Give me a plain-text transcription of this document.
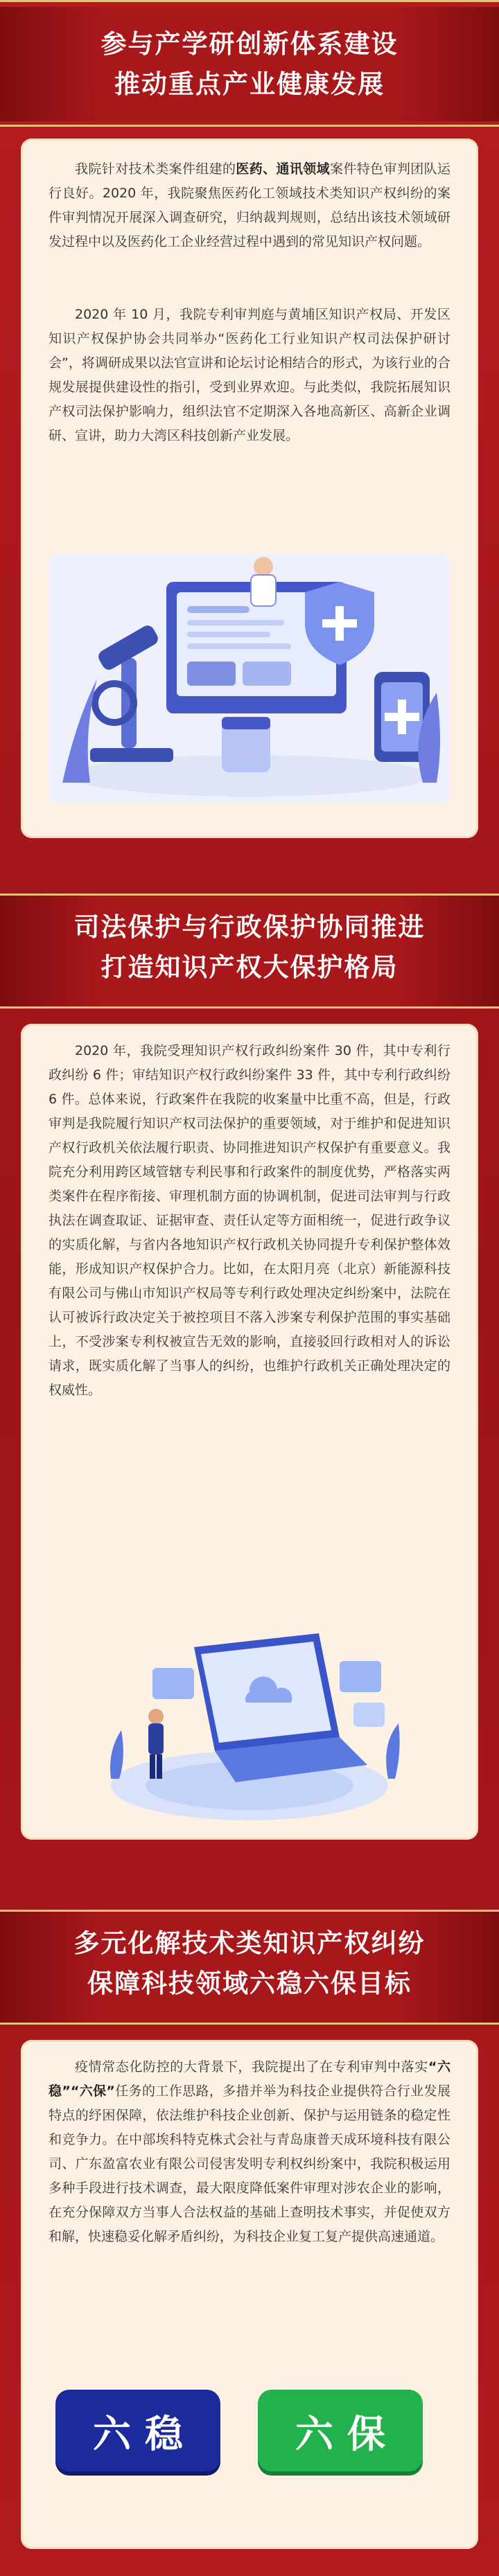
参与产学研创新体系建设
推动重点产业健康发展

我院针对技术类案件组建的医药、通讯领域案件特色审判团队运行良好。2020 年，我院聚焦医药化工领域技术类知识产权纠纷的案件审判情况开展深入调查研究，归纳裁判规则，总结出该技术领域研发过程中以及医药化工企业经营过程中遇到的常见知识产权问题。

2020 年 10 月，我院专利审判庭与黄埔区知识产权局、开发区知识产权保护协会共同举办“医药化工行业知识产权司法保护研讨会”，将调研成果以法官宣讲和论坛讨论相结合的形式，为该行业的合规发展提供建设性的指引，受到业界欢迎。与此类似，我院拓展知识产权司法保护影响力，组织法官不定期深入各地高新区、高新企业调研、宣讲，助力大湾区科技创新产业发展。

司法保护与行政保护协同推进
打造知识产权大保护格局

2020 年，我院受理知识产权行政纠纷案件 30 件，其中专利行政纠纷 6 件；审结知识产权行政纠纷案件 33 件，其中专利行政纠纷 6 件。总体来说，行政案件在我院的收案量中比重不高，但是，行政审判是我院履行知识产权司法保护的重要领域，对于维护和促进知识产权行政机关依法履行职责、协同推进知识产权保护有重要意义。我院充分利用跨区域管辖专利民事和行政案件的制度优势，严格落实两类案件在程序衔接、审理机制方面的协调机制，促进司法审判与行政执法在调查取证、证据审查、责任认定等方面相统一，促进行政争议的实质化解，与省内各地知识产权行政机关协同提升专利保护整体效能，形成知识产权保护合力。比如，在太阳月亮（北京）新能源科技有限公司与佛山市知识产权局等专利行政处理决定纠纷案中，法院在认可被诉行政决定关于被控项目不落入涉案专利保护范围的事实基础上，不受涉案专利权被宣告无效的影响，直接驳回行政相对人的诉讼请求，既实质化解了当事人的纠纷，也维护行政机关正确处理决定的权威性。

多元化解技术类知识产权纠纷
保障科技领域六稳六保目标

疫情常态化防控的大背景下，我院提出了在专利审判中落实“六稳”“六保”任务的工作思路，多措并举为科技企业提供符合行业发展特点的纾困保障，依法维护科技企业创新、保护与运用链条的稳定性和竞争力。在中部埃科特克株式会社与青岛康普天成环境科技有限公司、广东盈富农业有限公司侵害发明专利权纠纷案中，我院积极运用多种手段进行技术调查，最大限度降低案件审理对涉农企业的影响，在充分保障双方当事人合法权益的基础上查明技术事实，并促使双方和解，快速稳妥化解矛盾纠纷，为科技企业复工复产提供高速通道。

六稳	六保
